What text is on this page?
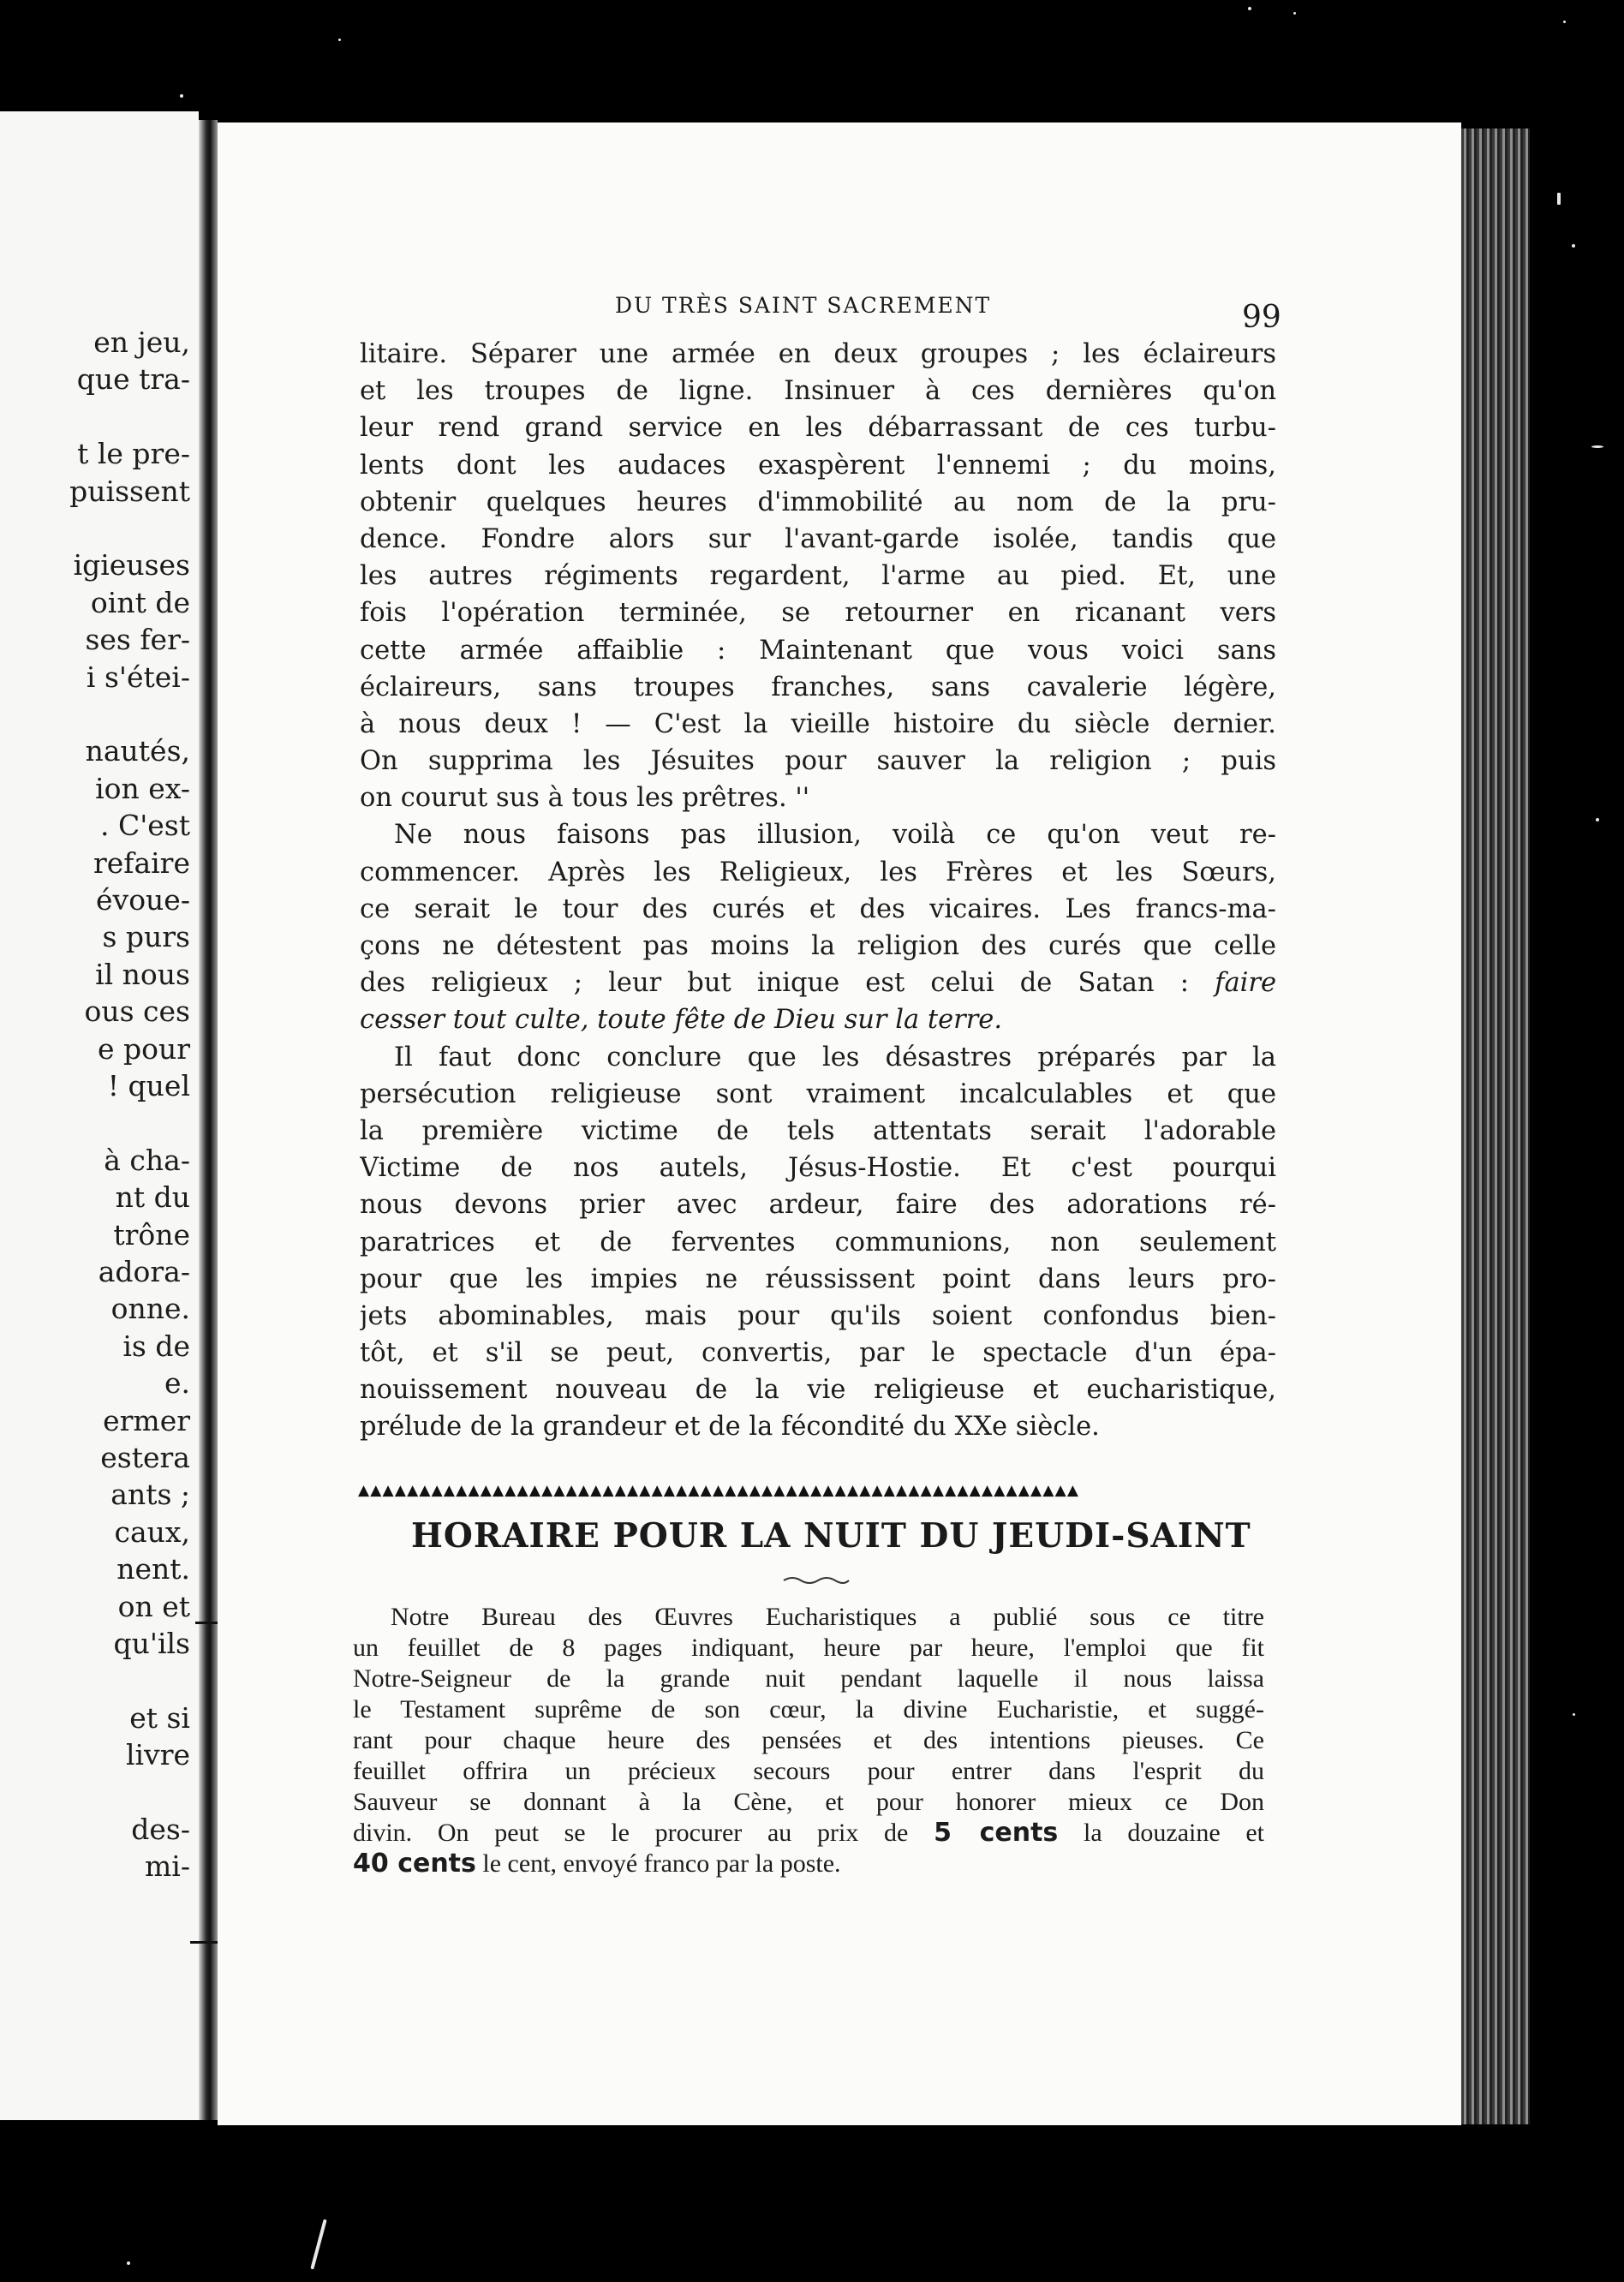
en jeu,
que tra-
t le pre-
puissent
igieuses
oint de
ses fer-
i s'étei-
nautés,
ion ex-
. C'est
refaire
évoue-
s purs
il nous
ous ces
e pour
! quel
à cha-
nt du
trône
adora-
onne.
is de
e.
ermer
estera
ants ;
caux,
nent.
on et
qu'ils
et si
livre
des-
mi-
DU TRÈS SAINT SACREMENT	99
litaire. Séparer une armée en deux groupes ; les éclaireurs
et les troupes de ligne. Insinuer à ces dernières qu'on
leur rend grand service en les débarrassant de ces turbu-
lents dont les audaces exaspèrent l'ennemi ; du moins,
obtenir quelques heures d'immobilité au nom de la pru-
dence. Fondre alors sur l'avant-garde isolée, tandis que
les autres régiments regardent, l'arme au pied. Et, une
fois l'opération terminée, se retourner en ricanant vers
cette armée affaiblie : Maintenant que vous voici sans
éclaireurs, sans troupes franches, sans cavalerie légère,
à nous deux ! — C'est la vieille histoire du siècle dernier.
On supprima les Jésuites pour sauver la religion ; puis
on courut sus à tous les prêtres. ''
Ne nous faisons pas illusion, voilà ce qu'on veut re-
commencer. Après les Religieux, les Frères et les Sœurs,
ce serait le tour des curés et des vicaires. Les francs-ma-
çons ne détestent pas moins la religion des curés que celle
des religieux ; leur but inique est celui de Satan : faire
cesser tout culte, toute fête de Dieu sur la terre.
Il faut donc conclure que les désastres préparés par la
persécution religieuse sont vraiment incalculables et que
la première victime de tels attentats serait l'adorable
Victime de nos autels, Jésus-Hostie. Et c'est pourqui
nous devons prier avec ardeur, faire des adorations ré-
paratrices et de ferventes communions, non seulement
pour que les impies ne réussissent point dans leurs pro-
jets abominables, mais pour qu'ils soient confondus bien-
tôt, et s'il se peut, convertis, par le spectacle d'un épa-
nouissement nouveau de la vie religieuse et eucharistique,
prélude de la grandeur et de la fécondité du XXe siècle.
▲▲▲▲▲▲▲▲▲▲▲▲▲▲▲▲▲▲▲▲▲▲▲▲▲▲▲▲▲▲▲▲▲▲▲▲▲▲▲▲▲▲▲▲▲▲▲▲▲▲▲▲▲▲▲▲▲▲▲
HORAIRE POUR LA NUIT DU JEUDI-SAINT
Notre Bureau des Œuvres Eucharistiques a publié sous ce titre
un feuillet de 8 pages indiquant, heure par heure, l'emploi que fit
Notre-Seigneur de la grande nuit pendant laquelle il nous laissa
le Testament suprême de son cœur, la divine Eucharistie, et suggé-
rant pour chaque heure des pensées et des intentions pieuses. Ce
feuillet offrira un précieux secours pour entrer dans l'esprit du
Sauveur se donnant à la Cène, et pour honorer mieux ce Don
divin. On peut se le procurer au prix de 5 cents la douzaine et
40 cents le cent, envoyé franco par la poste.
